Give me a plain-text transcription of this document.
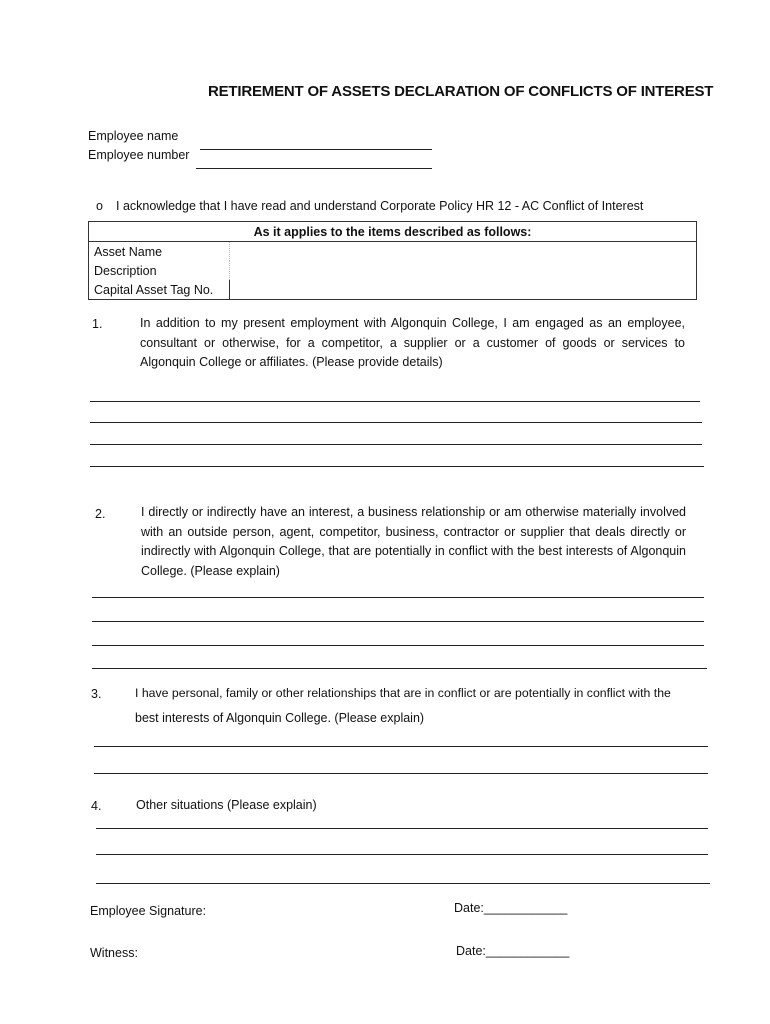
RETIREMENT OF ASSETS DECLARATION OF CONFLICTS OF INTEREST
Employee name
Employee number
o I acknowledge that I have read and understand Corporate Policy HR 12 - AC Conflict of Interest
As it applies to the items described as follows:	
Asset Name	
Description	
Capital Asset Tag No.	
1.	In addition to my present employment with Algonquin College, I am engaged as an employee, consultant or otherwise, for a competitor, a supplier or a customer of goods or services to Algonquin College or affiliates. (Please provide details)
2.	I directly or indirectly have an interest, a business relationship or am otherwise materially involved with an outside person, agent, competitor, business, contractor or supplier that deals directly or indirectly with Algonquin College, that are potentially in conflict with the best interests of Algonquin College. (Please explain)
3.	I have personal, family or other relationships that are in conflict or are potentially in conflict with the
best interests of Algonquin College. (Please explain)
4.	Other situations (Please explain)
Employee Signature:	Date:____________
Witness:	Date:____________
